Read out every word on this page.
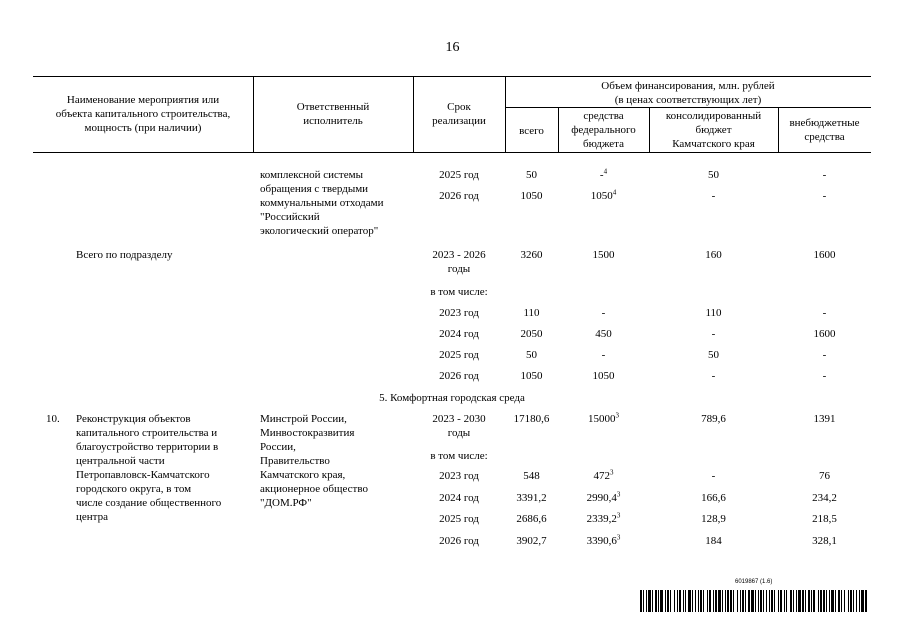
16
Наименование мероприятия или
объекта капитального строительства,
мощность (при наличии)
Ответственный
исполнитель
Срок
реализации
Объем финансирования, млн. рублей
(в ценах соответствующих лет)
всего
средства
федерального
бюджета
консолидированный
бюджет
Камчатского края
внебюджетные
средства
комплексной системы
обращения с твердыми
коммунальными отходами
"Российский
экологический оператор"
2025 год	50	-$^4$	50	-
2026 год	1050	1050$^4$	-	-
Всего по подразделу	2023 - 2026
годы
3260	1500	160	1600
в том числе:
2023 год	110	-	110	-
2024 год	2050	450	-	1600
2025 год	50	-	50	-
2026 год	1050	1050	-	-
5. Комфортная городская среда
10. Реконструкция объектов
капитального строительства и
благоустройство территории в
центральной части
Петропавловск-Камчатского
городского округа, в том
числе создание общественного
центра
Минстрой России,
Минвостокразвития
России,
Правительство
Камчатского края,
акционерное общество
"ДОМ.РФ"
2023 - 2030
годы
17180,6	15000$^3$	789,6	1391
в том числе:
2023 год	548	$472^3$	-	76
2024 год	3391,2	2990,4$^3$	166,6	234,2
2025 год	2686,6	2339,2$^3$	128,9	218,5
2026 год	3902,7	3390,6$^3$	184	328,1
6019867 (1.6)
